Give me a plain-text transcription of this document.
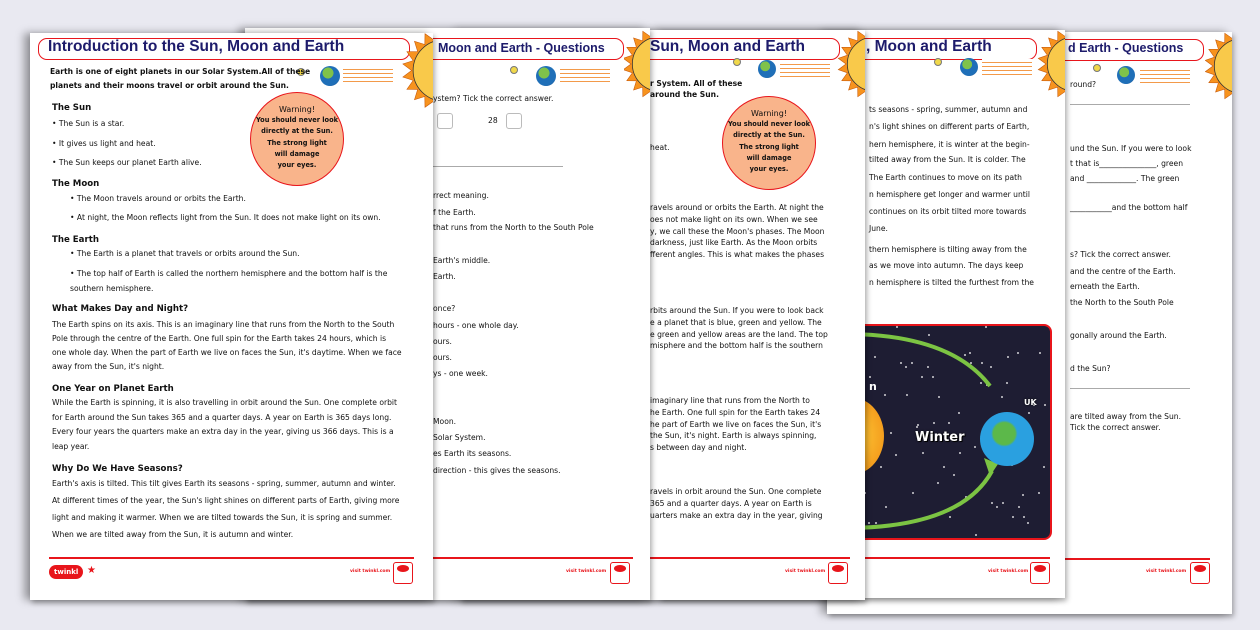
d Earth - Questions
round?
und the Sun. If you were to look
t that is_______________, green
and _____________. The green
___________and the bottom half
s? Tick the correct answer.
and the centre of the Earth.
erneath the Earth.
the North to the South Pole
gonally around the Earth.
d the Sun?
are tilted away from the Sun.
Tick the correct answer.
visit twinkl.com
, Moon and Earth
ts seasons - spring, summer, autumn and
n's light shines on different parts of Earth,
hern hemisphere, it is winter at the begin-
tilted away from the Sun. It is colder. The
The Earth continues to move on its path
n hemisphere get longer and warmer until
continues on its orbit tilted more towards
June.
thern hemisphere is tilting away from the
as we move into autumn. The days keep
n hemisphere is tilted the furthest from the
n
Winter
UK
visit twinkl.com
Sun, Moon and Earth
r System. All of these
around the Sun.
heat.
Warning!
You should never look
directly at the Sun.
The strong light
will damage
your eyes.
ravels around or orbits the Earth. At night the
oes not make light on its own. When we see
y, we call these the Moon's phases. The Moon
darkness, just like Earth. As the Moon orbits
fferent angles. This is what makes the phases
rbits around the Sun. If you were to look back
e a planet that is blue, green and yellow. The
e green and yellow areas are the land. The top
misphere and the bottom half is the southern
imaginary line that runs from the North to
he Earth. One full spin for the Earth takes 24
he part of Earth we live on faces the Sun, it's
the Sun, it's night. Earth is always spinning,
s between day and night.
ravels in orbit around the Sun. One complete
365 and a quarter days. A year on Earth is
uarters make an extra day in the year, giving
visit twinkl.com
Moon and Earth - Questions
ystem? Tick the correct answer.
28
rrect meaning.
f the Earth.
that runs from the North to the South Pole
Earth's middle.
Earth.
once?
hours - one whole day.
ours.
ours.
ys - one week.
Moon.
Solar System.
es Earth its seasons.
direction - this gives the seasons.
visit twinkl.com
Introduction to the Sun, Moon and Earth
Earth is one of eight planets in our Solar System.All of these
planets and their moons travel or orbit around the Sun.
Warning!
You should never look
directly at the Sun.
The strong light
will damage
your eyes.
The Sun
• The Sun is a star.
• It gives us light and heat.
• The Sun keeps our planet Earth alive.
The Moon
• The Moon travels around or orbits the Earth.
• At night, the Moon reflects light from the Sun. It does not make light on its own.
The Earth
• The Earth is a planet that travels or orbits around the Sun.
• The top half of Earth is called the northern hemisphere and the bottom half is the
southern hemisphere.
What Makes Day and Night?
The Earth spins on its axis. This is an imaginary line that runs from the North to the South
Pole through the centre of the Earth. One full spin for the Earth takes 24 hours, which is
one whole day. When the part of Earth we live on faces the Sun, it's daytime. When we face
away from the Sun, it's night.
One Year on Planet Earth
While the Earth is spinning, it is also travelling in orbit around the Sun. One complete orbit
for Earth around the Sun takes 365 and a quarter days. A year on Earth is 365 days long.
Every four years the quarters make an extra day in the year, giving us 366 days. This is a
leap year.
Why Do We Have Seasons?
Earth's axis is tilted. This tilt gives Earth its seasons - spring, summer, autumn and winter.
At different times of the year, the Sun's light shines on different parts of Earth, giving more
light and making it warmer. When we are tilted towards the Sun, it is spring and summer.
When we are tilted away from the Sun, it is autumn and winter.
twinkl ★	visit twinkl.com
